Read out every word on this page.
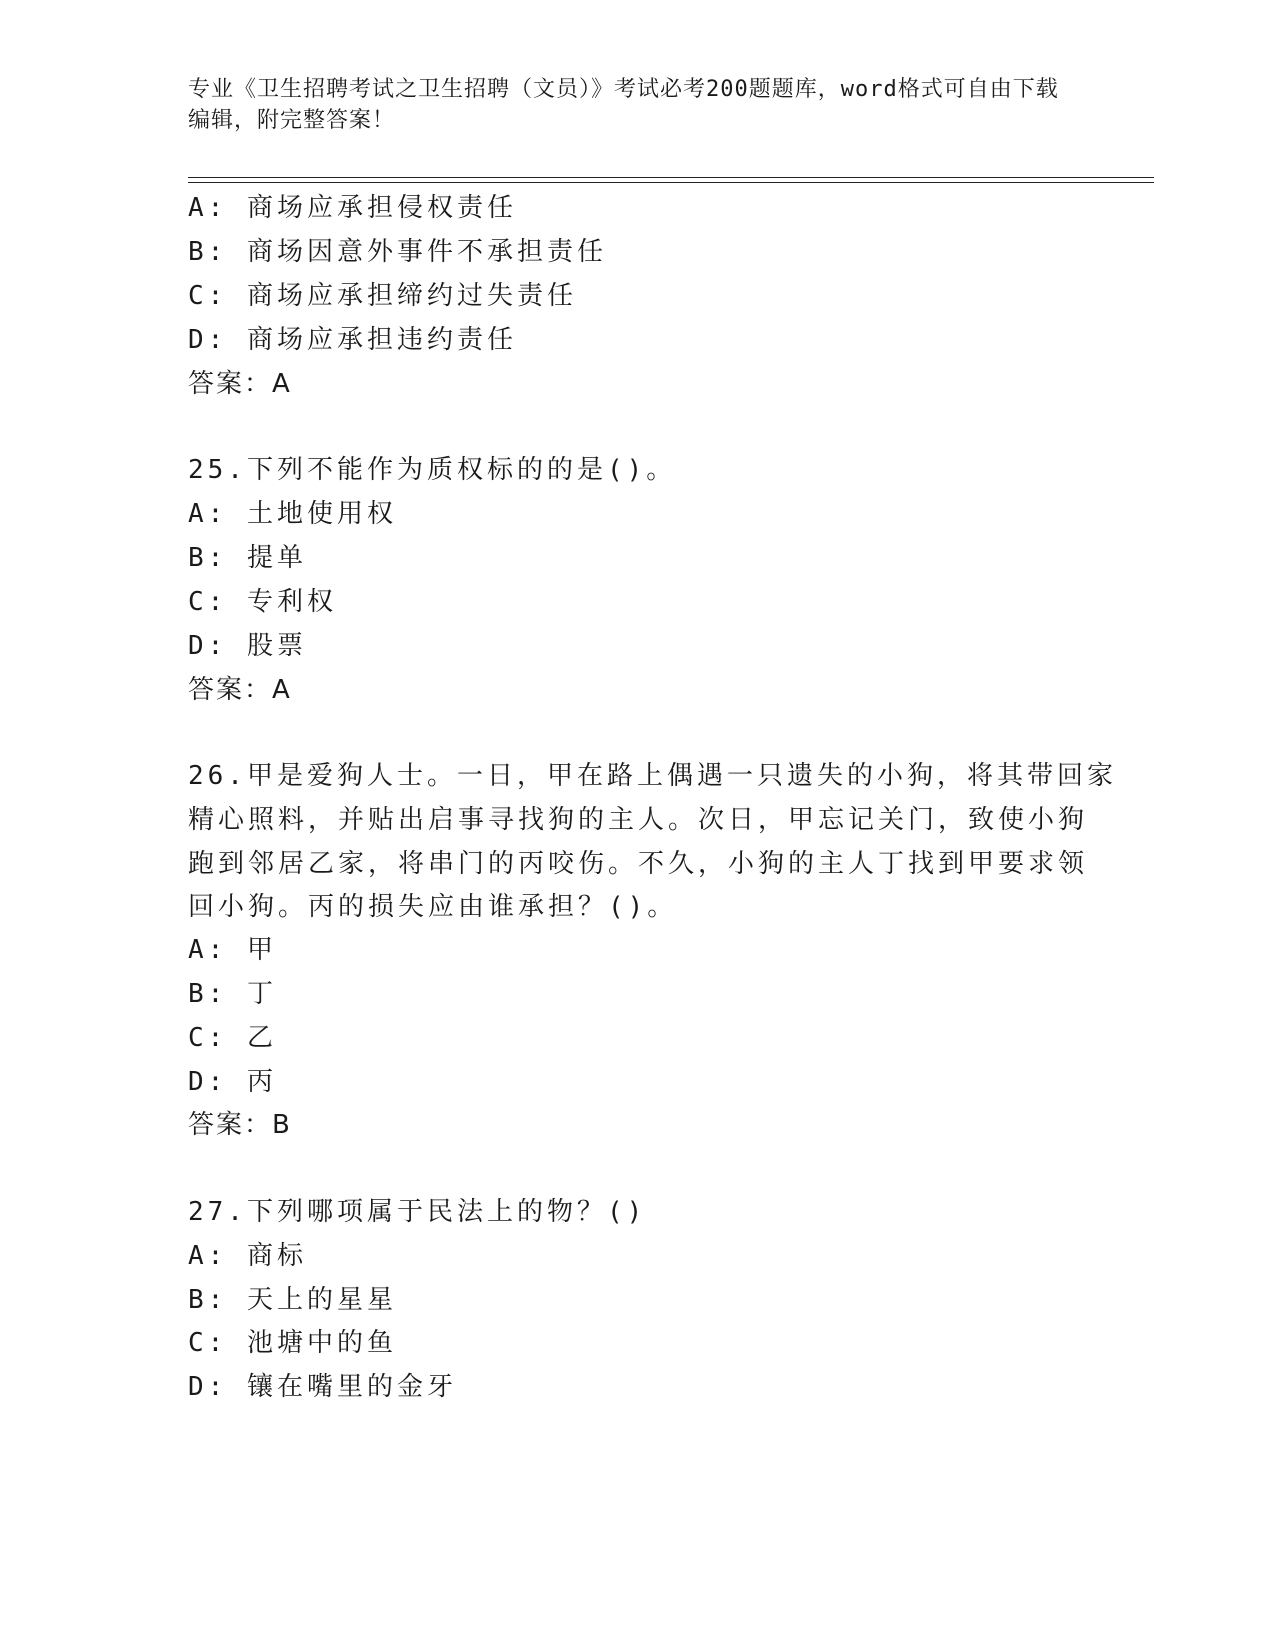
专业《卫生招聘考试之卫生招聘（文员）》考试必考200题题库，word格式可自由下载编辑，附完整答案！
A: 商场应承担侵权责任
B: 商场因意外事件不承担责任
C: 商场应承担缔约过失责任
D: 商场应承担违约责任
答案：A
25.下列不能作为质权标的的是()。
A: 土地使用权
B: 提单
C: 专利权
D: 股票
答案：A
26.甲是爱狗人士。一日，甲在路上偶遇一只遗失的小狗，将其带回家
精心照料，并贴出启事寻找狗的主人。次日，甲忘记关门，致使小狗
跑到邻居乙家，将串门的丙咬伤。不久，小狗的主人丁找到甲要求领
回小狗。丙的损失应由谁承担？()。
A: 甲
B: 丁
C: 乙
D: 丙
答案：B
27.下列哪项属于民法上的物？()
A: 商标
B: 天上的星星
C: 池塘中的鱼
D: 镶在嘴里的金牙
